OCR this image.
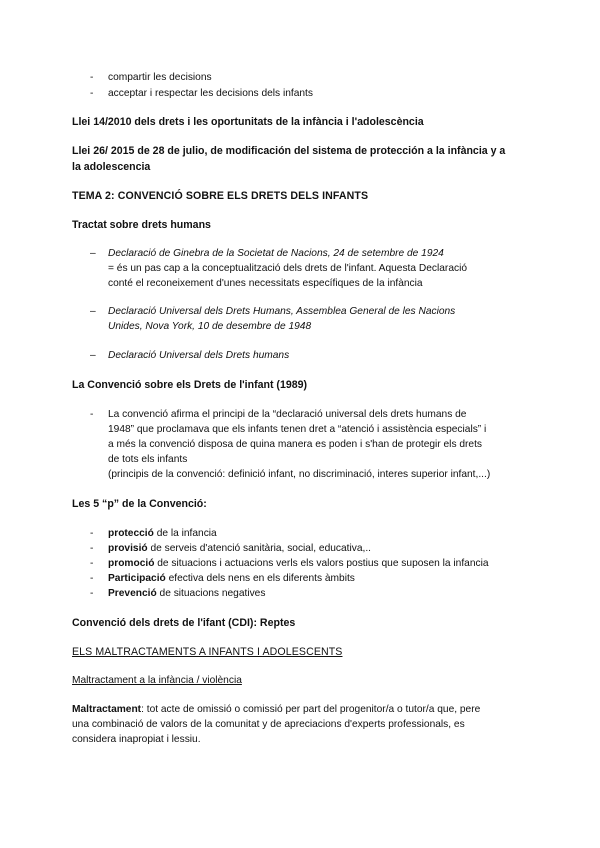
- compartir les decisions
- acceptar i respectar les decisions dels infants
Llei 14/2010 dels drets i les oportunitats de la infància i l'adolescència
Llei 26/ 2015 de 28 de julio, de modificación del sistema de protección a la infància y a
la adolescencia
TEMA 2: CONVENCIÓ SOBRE ELS DRETS DELS INFANTS
Tractat sobre drets humans
– Declaració de Ginebra de la Societat de Nacions, 24 de setembre de 1924
= és un pas cap a la conceptualització dels drets de l'infant. Aquesta Declaració
conté el reconeixement d'unes necessitats específiques de la infància
– Declaració Universal dels Drets Humans, Assemblea General de les Nacions
Unides, Nova York, 10 de desembre de 1948
– Declaració Universal dels Drets humans
La Convenció sobre els Drets de l'infant (1989)
- La convenció afirma el principi de la “declaració universal dels drets humans de
1948” que proclamava que els infants tenen dret a “atenció i assistència especials” i
a més la convenció disposa de quina manera es poden i s'han de protegir els drets
de tots els infants
(principis de la convenció: definició infant, no discriminació, interes superior infant,...)
Les 5 “p” de la Convenció:
- protecció de la infancia
- provisió de serveis d'atenció sanitària, social, educativa,..
- promoció de situacions i actuacions verls els valors postius que suposen la infancia
- Participació efectiva dels nens en els diferents àmbits
- Prevenció de situacions negatives
Convenció dels drets de l'ifant (CDI): Reptes
ELS MALTRACTAMENTS A INFANTS I ADOLESCENTS
Maltractament a la infància / violència
Maltractament: tot acte de omissió o comissió per part del progenitor/a o tutor/a que, pere
una combinació de valors de la comunitat y de apreciacions d'experts professionals, es
considera inapropiat i lessiu.
